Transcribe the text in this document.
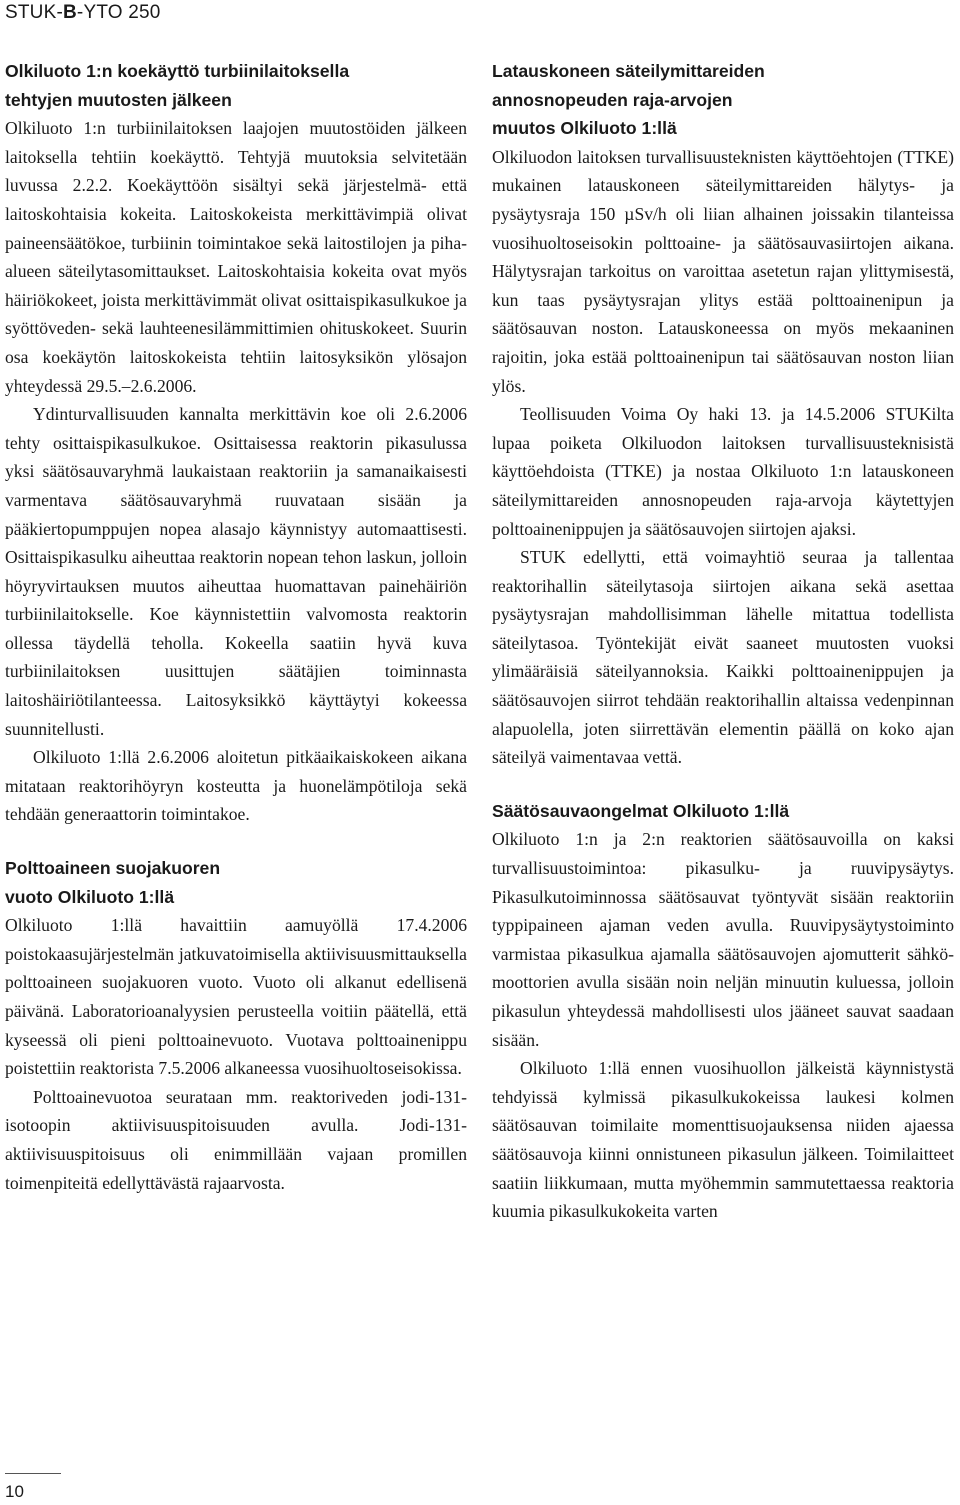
STUK-B-YTO 250
Olkiluoto 1:n koekäyttö turbiinilaitoksella
tehtyjen muutosten jälkeen

Olkiluoto 1:n turbiinilaitoksen laajojen muutostöiden jälkeen laitoksella tehtiin koekäyttö. Tehtyjä muutoksia selvitetään luvussa 2.2.2. Koekäyttöön sisältyi sekä järjestelmä- että laitoskohtaisia kokeita. Laitoskokeista merkittävimpiä olivat paineensäätökoe, turbiinin toimintakoe sekä laitostilojen ja piha-alueen säteilytasomittaukset. Laitoskohtaisia kokeita ovat myös häiriökokeet, joista merkittävimmät olivat osittaispikasulkukoe ja syöttöveden- sekä lauhteenesilämmittimien ohituskokeet. Suurin osa koekäytön laitoskokeista tehtiin laitosyksikön ylösajon yhteydessä 29.5.–2.6.2006.

Ydinturvallisuuden kannalta merkittävin koe oli 2.6.2006 tehty osittaispikasulkukoe. Osittaisessa reaktorin pikasulussa yksi säätösauvaryhmä laukaistaan reaktoriin ja samanaikaisesti varmentava säätösauvaryhmä ruuvataan sisään ja pääkiertopumppujen nopea alasajo käynnistyy automaattisesti. Osittaispikasulku aiheuttaa reaktorin nopean tehon laskun, jolloin höyryvirtauksen muutos aiheuttaa huomattavan painehäiriön turbiinilaitokselle. Koe käynnistettiin valvomosta reaktorin ollessa täydellä teholla. Kokeella saatiin hyvä kuva turbiinilaitoksen uusittujen säätäjien toiminnasta laitoshäiriötilanteessa. Laitosyksikkö käyttäytyi kokeessa suunnitellusti.

Olkiluoto 1:llä 2.6.2006 aloitetun pitkäaikaiskokeen aikana mitataan reaktorihöyryn kosteutta ja huonelämpötiloja sekä tehdään generaattorin toimintakoe.

Polttoaineen suojakuoren
vuoto Olkiluoto 1:llä

Olkiluoto 1:llä havaittiin aamuyöllä 17.4.2006 poistokaasujärjestelmän jatkuvatoimisella aktiivisuusmittauksella polttoaineen suojakuoren vuoto. Vuoto oli alkanut edellisenä päivänä. Laboratorioanalyysien perusteella voitiin päätellä, että kyseessä oli pieni polttoainevuoto. Vuotava polttoainenippu poistettiin reaktorista 7.5.2006 alkaneessa vuosihuoltoseisokissa.

Polttoainevuotoa seurataan mm. reaktoriveden jodi-131-isotoopin aktiivisuuspitoisuuden avulla. Jodi-131-aktiivisuuspitoisuus oli enimmillään vajaan promillen toimenpiteitä edellyttävästä rajaarvosta.

Latauskoneen säteilymittareiden
annosnopeuden raja-arvojen
muutos Olkiluoto 1:llä

Olkiluodon laitoksen turvallisuusteknisten käyttöehtojen (TTKE) mukainen latauskoneen säteilymittareiden hälytys- ja pysäytysraja 150 µSv/h oli liian alhainen joissakin tilanteissa vuosihuoltoseisokin polttoaine- ja säätösauvasiirtojen aikana. Hälytysrajan tarkoitus on varoittaa asetetun rajan ylittymisestä, kun taas pysäytysrajan ylitys estää polttoainenipun ja säätösauvan noston. Latauskoneessa on myös mekaaninen rajoitin, joka estää polttoainenipun tai säätösauvan noston liian ylös.

Teollisuuden Voima Oy haki 13. ja 14.5.2006 STUKilta lupaa poiketa Olkiluodon laitoksen turvallisuusteknisistä käyttöehdoista (TTKE) ja nostaa Olkiluoto 1:n latauskoneen säteilymittareiden annosnopeuden raja-arvoja käytettyjen polttoainenippujen ja säätösauvojen siirtojen ajaksi.

STUK edellytti, että voimayhtiö seuraa ja tallentaa reaktorihallin säteilytasoja siirtojen aikana sekä asettaa pysäytysrajan mahdollisimman lähelle mitattua todellista säteilytasoa. Työntekijät eivät saaneet muutosten vuoksi ylimääräisiä säteilyannoksia. Kaikki polttoainenippujen ja säätösauvojen siirrot tehdään reaktorihallin altaissa vedenpinnan alapuolella, joten siirrettävän elementin päällä on koko ajan säteilyä vaimentavaa vettä.

Säätösauvaongelmat Olkiluoto 1:llä

Olkiluoto 1:n ja 2:n reaktorien säätösauvoilla on kaksi turvallisuustoimintoa: pikasulku- ja ruuvipysäytys. Pikasulkutoiminnossa säätösauvat työntyvät sisään reaktoriin typpipaineen ajaman veden avulla. Ruuvipysäytystoiminto varmistaa pikasulkua ajamalla säätösauvojen ajomutterit sähkömoottorien avulla sisään noin neljän minuutin kuluessa, jolloin pikasulun yhteydessä mahdollisesti ulos jääneet sauvat saadaan sisään.

Olkiluoto 1:llä ennen vuosihuollon jälkeistä käynnistystä tehdyissä kylmissä pikasulkukokeissa laukesi kolmen säätösauvan toimilaite momenttisuojauksensa niiden ajaessa säätösauvoja kiinni onnistuneen pikasulun jälkeen. Toimilaitteet saatiin liikkumaan, mutta myöhemmin sammutettaessa reaktoria kuumia pikasulkukokeita varten

10
